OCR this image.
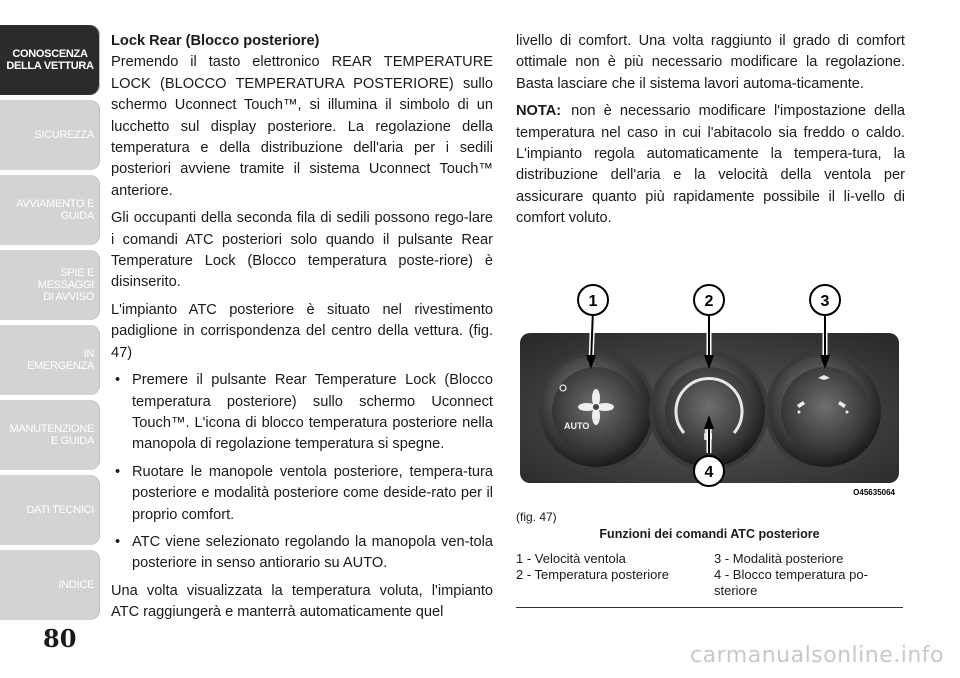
CONOSCENZA
DELLA VETTURA
SICUREZZA
AVVIAMENTO E
GUIDA
SPIE E
MESSAGGI
DI AVVISO
IN
EMERGENZA
MANUTENZIONE
E GUIDA
DATI TECNICI
INDICE
80

Lock Rear (Blocco posteriore)

Premendo il tasto elettronico REAR TEMPERATURE LOCK (BLOCCO TEMPERATURA POSTERIORE) sullo schermo Uconnect Touch™, si illumina il simbolo di un lucchetto sul display posteriore. La regolazione della temperatura e della distribuzione dell'aria per i sedili posteriori avviene tramite il sistema Uconnect Touch™ anteriore.

Gli occupanti della seconda fila di sedili possono rego-lare i comandi ATC posteriori solo quando il pulsante Rear Temperature Lock (Blocco temperatura poste-riore) è disinserito.

L'impianto ATC posteriore è situato nel rivestimento padiglione in corrispondenza del centro della vettura. (fig. 47)

• Premere il pulsante Rear Temperature Lock (Blocco temperatura posteriore) sullo schermo Uconnect Touch™. L'icona di blocco temperatura posteriore nella manopola di regolazione temperatura si spegne.
• Ruotare le manopole ventola posteriore, tempera-tura posteriore e modalità posteriore come deside-rato per il proprio comfort.
• ATC viene selezionato regolando la manopola ven-tola posteriore in senso antiorario su AUTO.

Una volta visualizzata la temperatura voluta, l'impianto ATC raggiungerà e manterrà automaticamente quel

livello di comfort. Una volta raggiunto il grado di comfort ottimale non è più necessario modificare la regolazione. Basta lasciare che il sistema lavori automa-ticamente.

NOTA: non è necessario modificare l'impostazione della temperatura nel caso in cui l'abitacolo sia freddo o caldo. L'impianto regola automaticamente la tempera-tura, la distribuzione dell'aria e la velocità della ventola per assicurare quanto più rapidamente possibile il li-vello di comfort voluto.

AUTO
1	2	3
4
O45635064
(fig. 47)
Funzioni dei comandi ATC posteriore
1 - Velocità ventola
2 - Temperatura posteriore
3 - Modalità posteriore
4 - Blocco temperatura po-
steriore
carmanualsonline.info
